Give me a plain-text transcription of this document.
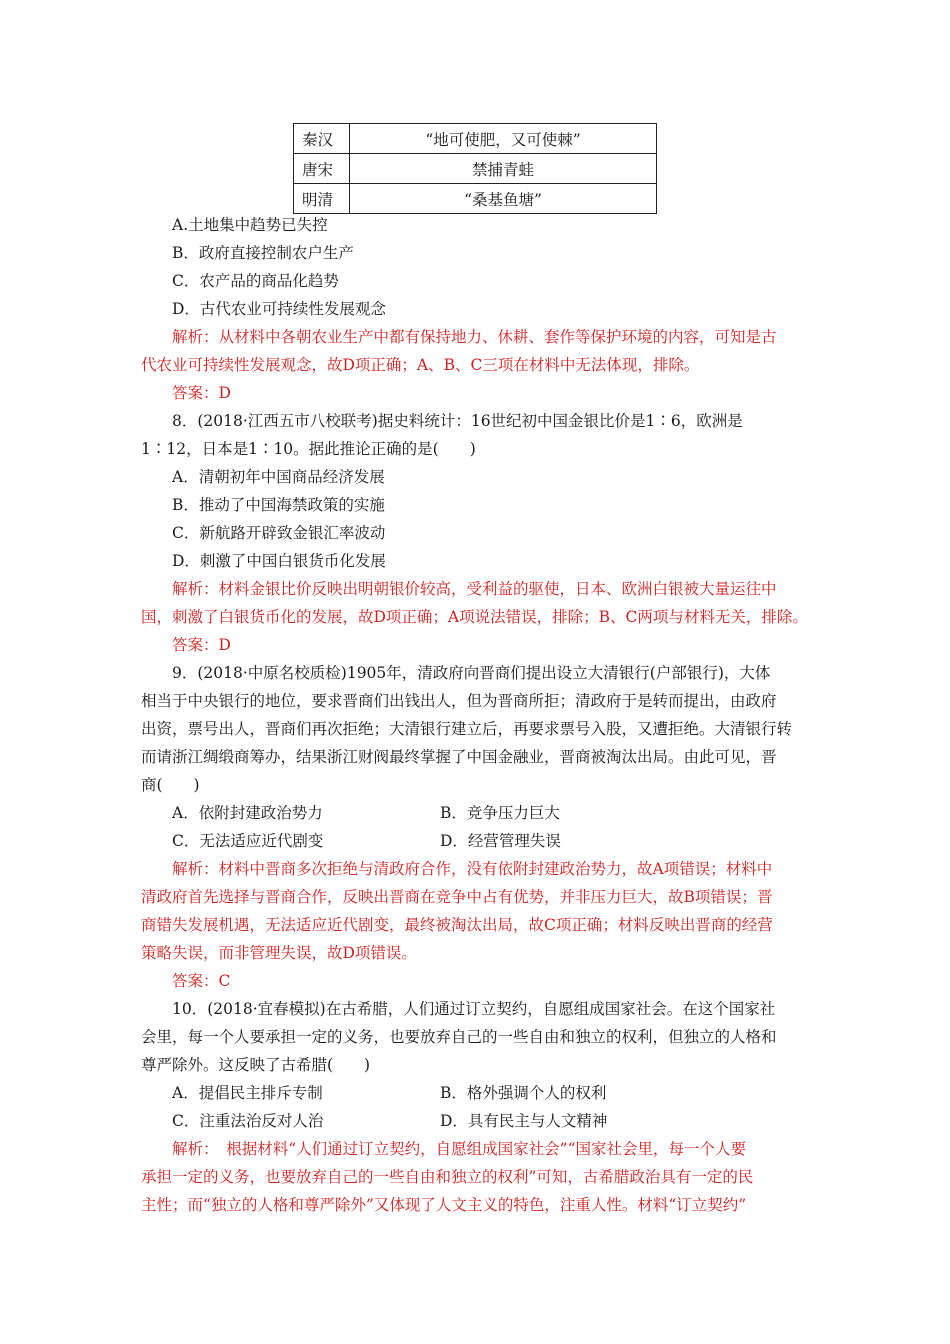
秦汉	“地可使肥，又可使棘”
唐宋	禁捕青蛙
明清	“桑基鱼塘”
A.土地集中趋势已失控
B．政府直接控制农户生产
C．农产品的商品化趋势
D．古代农业可持续性发展观念
解析：从材料中各朝农业生产中都有保持地力、休耕、套作等保护环境的内容，可知是古
代农业可持续性发展观念，故D项正确；A、B、C三项在材料中无法体现，排除。
答案：D
8．(2018·江西五市八校联考)据史料统计：16世纪初中国金银比价是1∶6，欧洲是
1∶12，日本是1∶10。据此推论正确的是(　　)
A．清朝初年中国商品经济发展
B．推动了中国海禁政策的实施
C．新航路开辟致金银汇率波动
D．刺激了中国白银货币化发展
解析：材料金银比价反映出明朝银价较高，受利益的驱使，日本、欧洲白银被大量运往中
国，刺激了白银货币化的发展，故D项正确；A项说法错误，排除；B、C两项与材料无关，排除。
答案：D
9．(2018·中原名校质检)1905年，清政府向晋商们提出设立大清银行(户部银行)，大体
相当于中央银行的地位，要求晋商们出钱出人，但为晋商所拒；清政府于是转而提出，由政府
出资，票号出人，晋商们再次拒绝；大清银行建立后，再要求票号入股，又遭拒绝。大清银行转
而请浙江绸缎商筹办，结果浙江财阀最终掌握了中国金融业，晋商被淘汰出局。由此可见，晋
商(　　)
A．依附封建政治势力	B．竞争压力巨大
C．无法适应近代剧变	D．经营管理失误
解析：材料中晋商多次拒绝与清政府合作，没有依附封建政治势力，故A项错误；材料中
清政府首先选择与晋商合作，反映出晋商在竞争中占有优势，并非压力巨大，故B项错误；晋
商错失发展机遇，无法适应近代剧变，最终被淘汰出局，故C项正确；材料反映出晋商的经营
策略失误，而非管理失误，故D项错误。
答案：C
10．(2018·宜春模拟)在古希腊，人们通过订立契约，自愿组成国家社会。在这个国家社
会里，每一个人要承担一定的义务，也要放弃自己的一些自由和独立的权利，但独立的人格和
尊严除外。这反映了古希腊(　　)
A．提倡民主排斥专制	B．格外强调个人的权利
C．注重法治反对人治	D．具有民主与人文精神
解析：　根据材料“人们通过订立契约，自愿组成国家社会”“国家社会里，每一个人要
承担一定的义务，也要放弃自己的一些自由和独立的权利”可知，古希腊政治具有一定的民
主性；而“独立的人格和尊严除外”又体现了人文主义的特色，注重人性。材料“订立契约”
